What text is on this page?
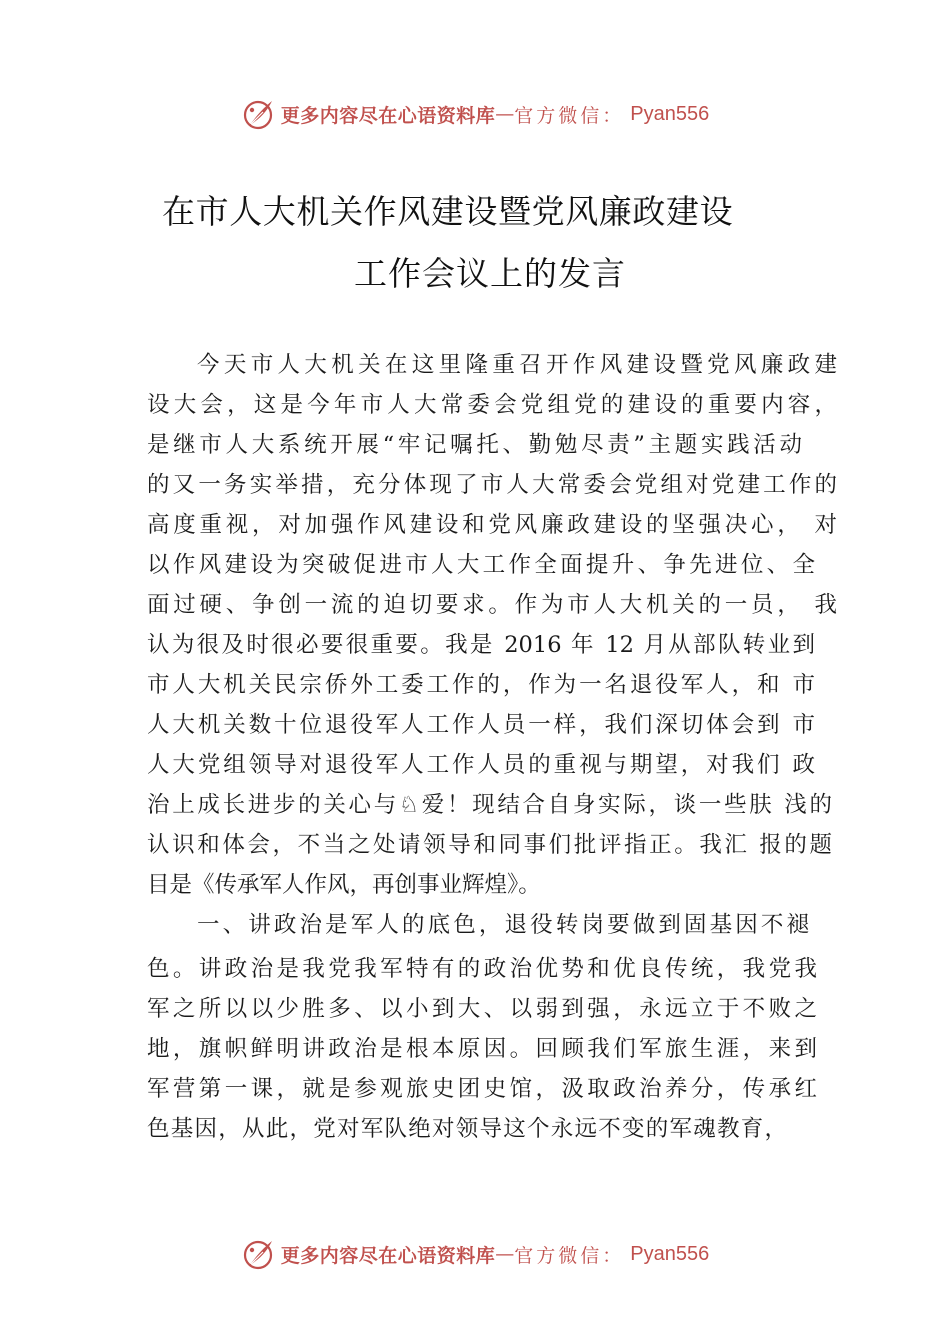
更多内容尽在心语资料库 — 官方微信： Pyan556
在市人大机关作风建设暨党风廉政建设
工作会议上的发言
今天市人大机关在这里隆重召开作风建设暨党风廉政建
设大会，这是今年市人大常委会党组党的建设的重要内容，
是继市人大系统开展“牢记嘱托、勤勉尽责”主题实践活动
的又一务实举措，充分体现了市人大常委会党组对党建工作的
高度重视，对加强作风建设和党风廉政建设的坚强决心， 对
以作风建设为突破促进市人大工作全面提升、争先进位、全
面过硬、争创一流的迫切要求。作为市人大机关的一员， 我
认为很及时很必要很重要。我是 2016 年 12 月从部队转业到
市人大机关民宗侨外工委工作的，作为一名退役军人，和 市
人大机关数十位退役军人工作人员一样，我们深切体会到 市
人大党组领导对退役军人工作人员的重视与期望，对我们 政
治上成长进步的关心与♘爱！现结合自身实际，谈一些肤 浅的
认识和体会，不当之处请领导和同事们批评指正。我汇 报的题
目是《传承军人作风，再创事业辉煌》。
一、讲政治是军人的底色，退役转岗要做到固基因不褪
色。讲政治是我党我军特有的政治优势和优良传统，我党我
军之所以以少胜多、以小到大、以弱到强，永远立于不败之
地，旗帜鲜明讲政治是根本原因。回顾我们军旅生涯，来到
军营第一课，就是参观旅史团史馆，汲取政治养分，传承红
色基因，从此，党对军队绝对领导这个永远不变的军魂教育，
更多内容尽在心语资料库 — 官方微信： Pyan556
